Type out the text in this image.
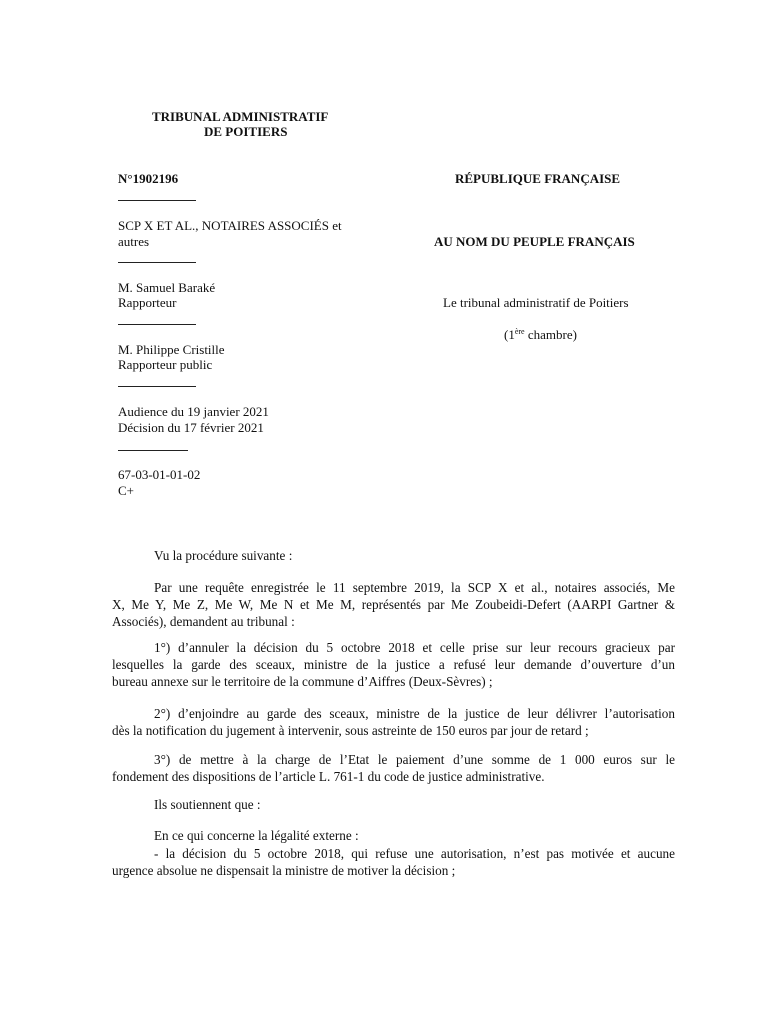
TRIBUNAL ADMINISTRATIF
DE POITIERS
N°1902196	RÉPUBLIQUE FRANÇAISE
AU NOM DU PEUPLE FRANÇAIS
Le tribunal administratif de Poitiers
(1ère chambre)
SCP X ET AL., NOTAIRES ASSOCIÉS et
autres
M. Samuel Baraké
Rapporteur
M. Philippe Cristille
Rapporteur public
Audience du 19 janvier 2021
Décision du 17 février 2021
67-03-01-01-02
C+
Vu la procédure suivante :
Par une requête enregistrée le 11 septembre 2019, la SCP X et al., notaires associés, Me
X, Me Y, Me Z, Me W, Me N et Me M, représentés par Me Zoubeidi-Defert (AARPI Gartner &
Associés), demandent au tribunal :
1°) d’annuler la décision du 5 octobre 2018 et celle prise sur leur recours gracieux par
lesquelles la garde des sceaux, ministre de la justice a refusé leur demande d’ouverture d’un
bureau annexe sur le territoire de la commune d’Aiffres (Deux-Sèvres) ;
2°) d’enjoindre au garde des sceaux, ministre de la justice de leur délivrer l’autorisation
dès la notification du jugement à intervenir, sous astreinte de 150 euros par jour de retard ;
3°) de mettre à la charge de l’Etat le paiement d’une somme de 1 000 euros sur le
fondement des dispositions de l’article L. 761-1 du code de justice administrative.
Ils soutiennent que :
En ce qui concerne la légalité externe :
- la décision du 5 octobre 2018, qui refuse une autorisation, n’est pas motivée et aucune
urgence absolue ne dispensait la ministre de motiver la décision ;
